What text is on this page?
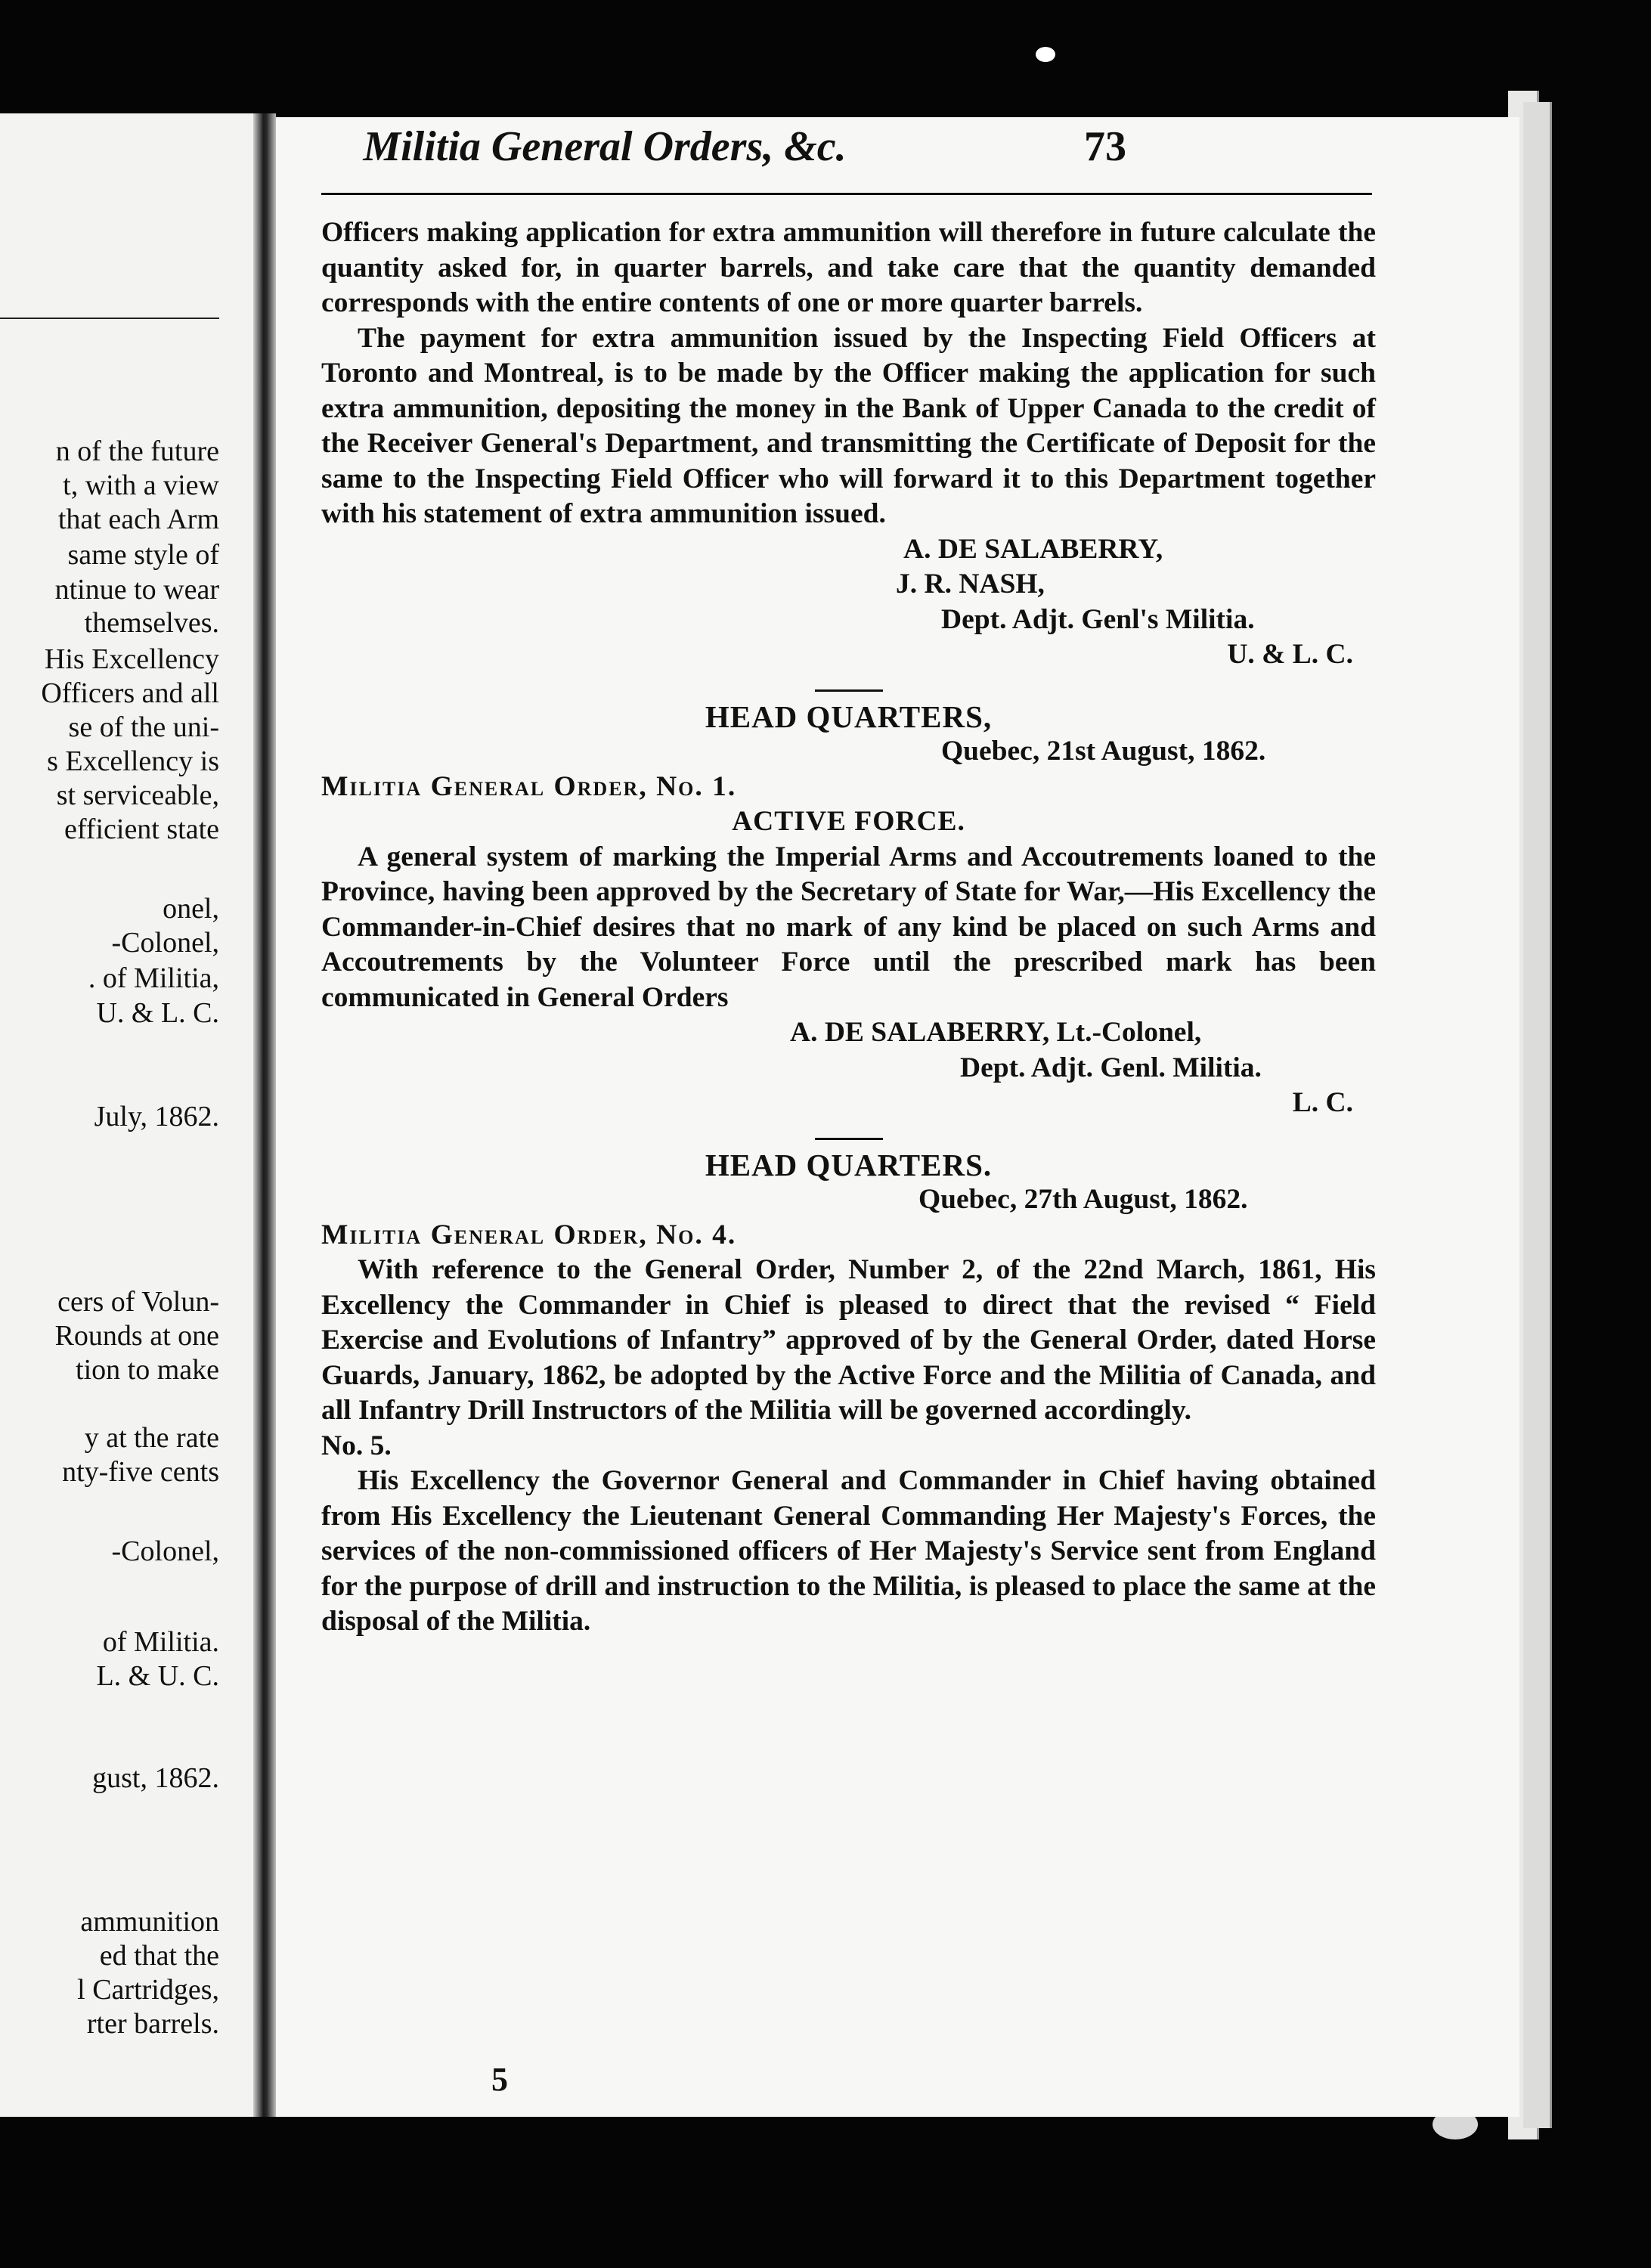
n of the future
t, with a view
that each Arm
same style of
ntinue to wear
themselves.
His Excellency
Officers and all
se of the uni-
s Excellency is
st serviceable,
efficient state
onel,
-Colonel,
. of Militia,
U. & L. C.
July, 1862.
cers of Volun-
Rounds at one
tion to make
y at the rate
nty-five cents
-Colonel,
of Militia.
L. & U. C.
gust, 1862.
ammunition
ed that the
l Cartridges,
rter barrels.
Militia General Orders, &c.	73

Officers making application for extra ammunition will therefore in future calculate the quantity asked for, in quarter barrels, and take care that the quantity demanded corresponds with the entire contents of one or more quarter barrels.

The payment for extra ammunition issued by the Inspecting Field Officers at Toronto and Montreal, is to be made by the Officer making the application for such extra ammunition, depositing the money in the Bank of Upper Canada to the credit of the Receiver General's Department, and transmitting the Certificate of Deposit for the same to the Inspecting Field Officer who will forward it to this Department together with his statement of extra ammunition issued.

A. DE SALABERRY,

J. R. NASH,

Dept. Adjt. Genl's Militia.

U. & L. C.

HEAD QUARTERS,

Quebec, 21st August, 1862.

Militia General Order, No. 1.

ACTIVE FORCE.

A general system of marking the Imperial Arms and Accoutrements loaned to the Province, having been approved by the Secretary of State for War,—His Excellency the Commander-in-Chief desires that no mark of any kind be placed on such Arms and Accoutrements by the Volunteer Force until the prescribed mark has been communicated in General Orders

A. DE SALABERRY, Lt.-Colonel,

Dept. Adjt. Genl. Militia.

L. C.

HEAD QUARTERS.

Quebec, 27th August, 1862.

Militia General Order, No. 4.

With reference to the General Order, Number 2, of the 22nd March, 1861, His Excellency the Commander in Chief is pleased to direct that the revised “ Field Exercise and Evolutions of Infantry” approved of by the General Order, dated Horse Guards, January, 1862, be adopted by the Active Force and the Militia of Canada, and all Infantry Drill Instructors of the Militia will be governed accordingly.

No. 5.

His Excellency the Governor General and Commander in Chief having obtained from His Excellency the Lieutenant General Commanding Her Majesty's Forces, the services of the non-commissioned officers of Her Majesty's Service sent from England for the purpose of drill and instruction to the Militia, is pleased to place the same at the disposal of the Militia.

5
